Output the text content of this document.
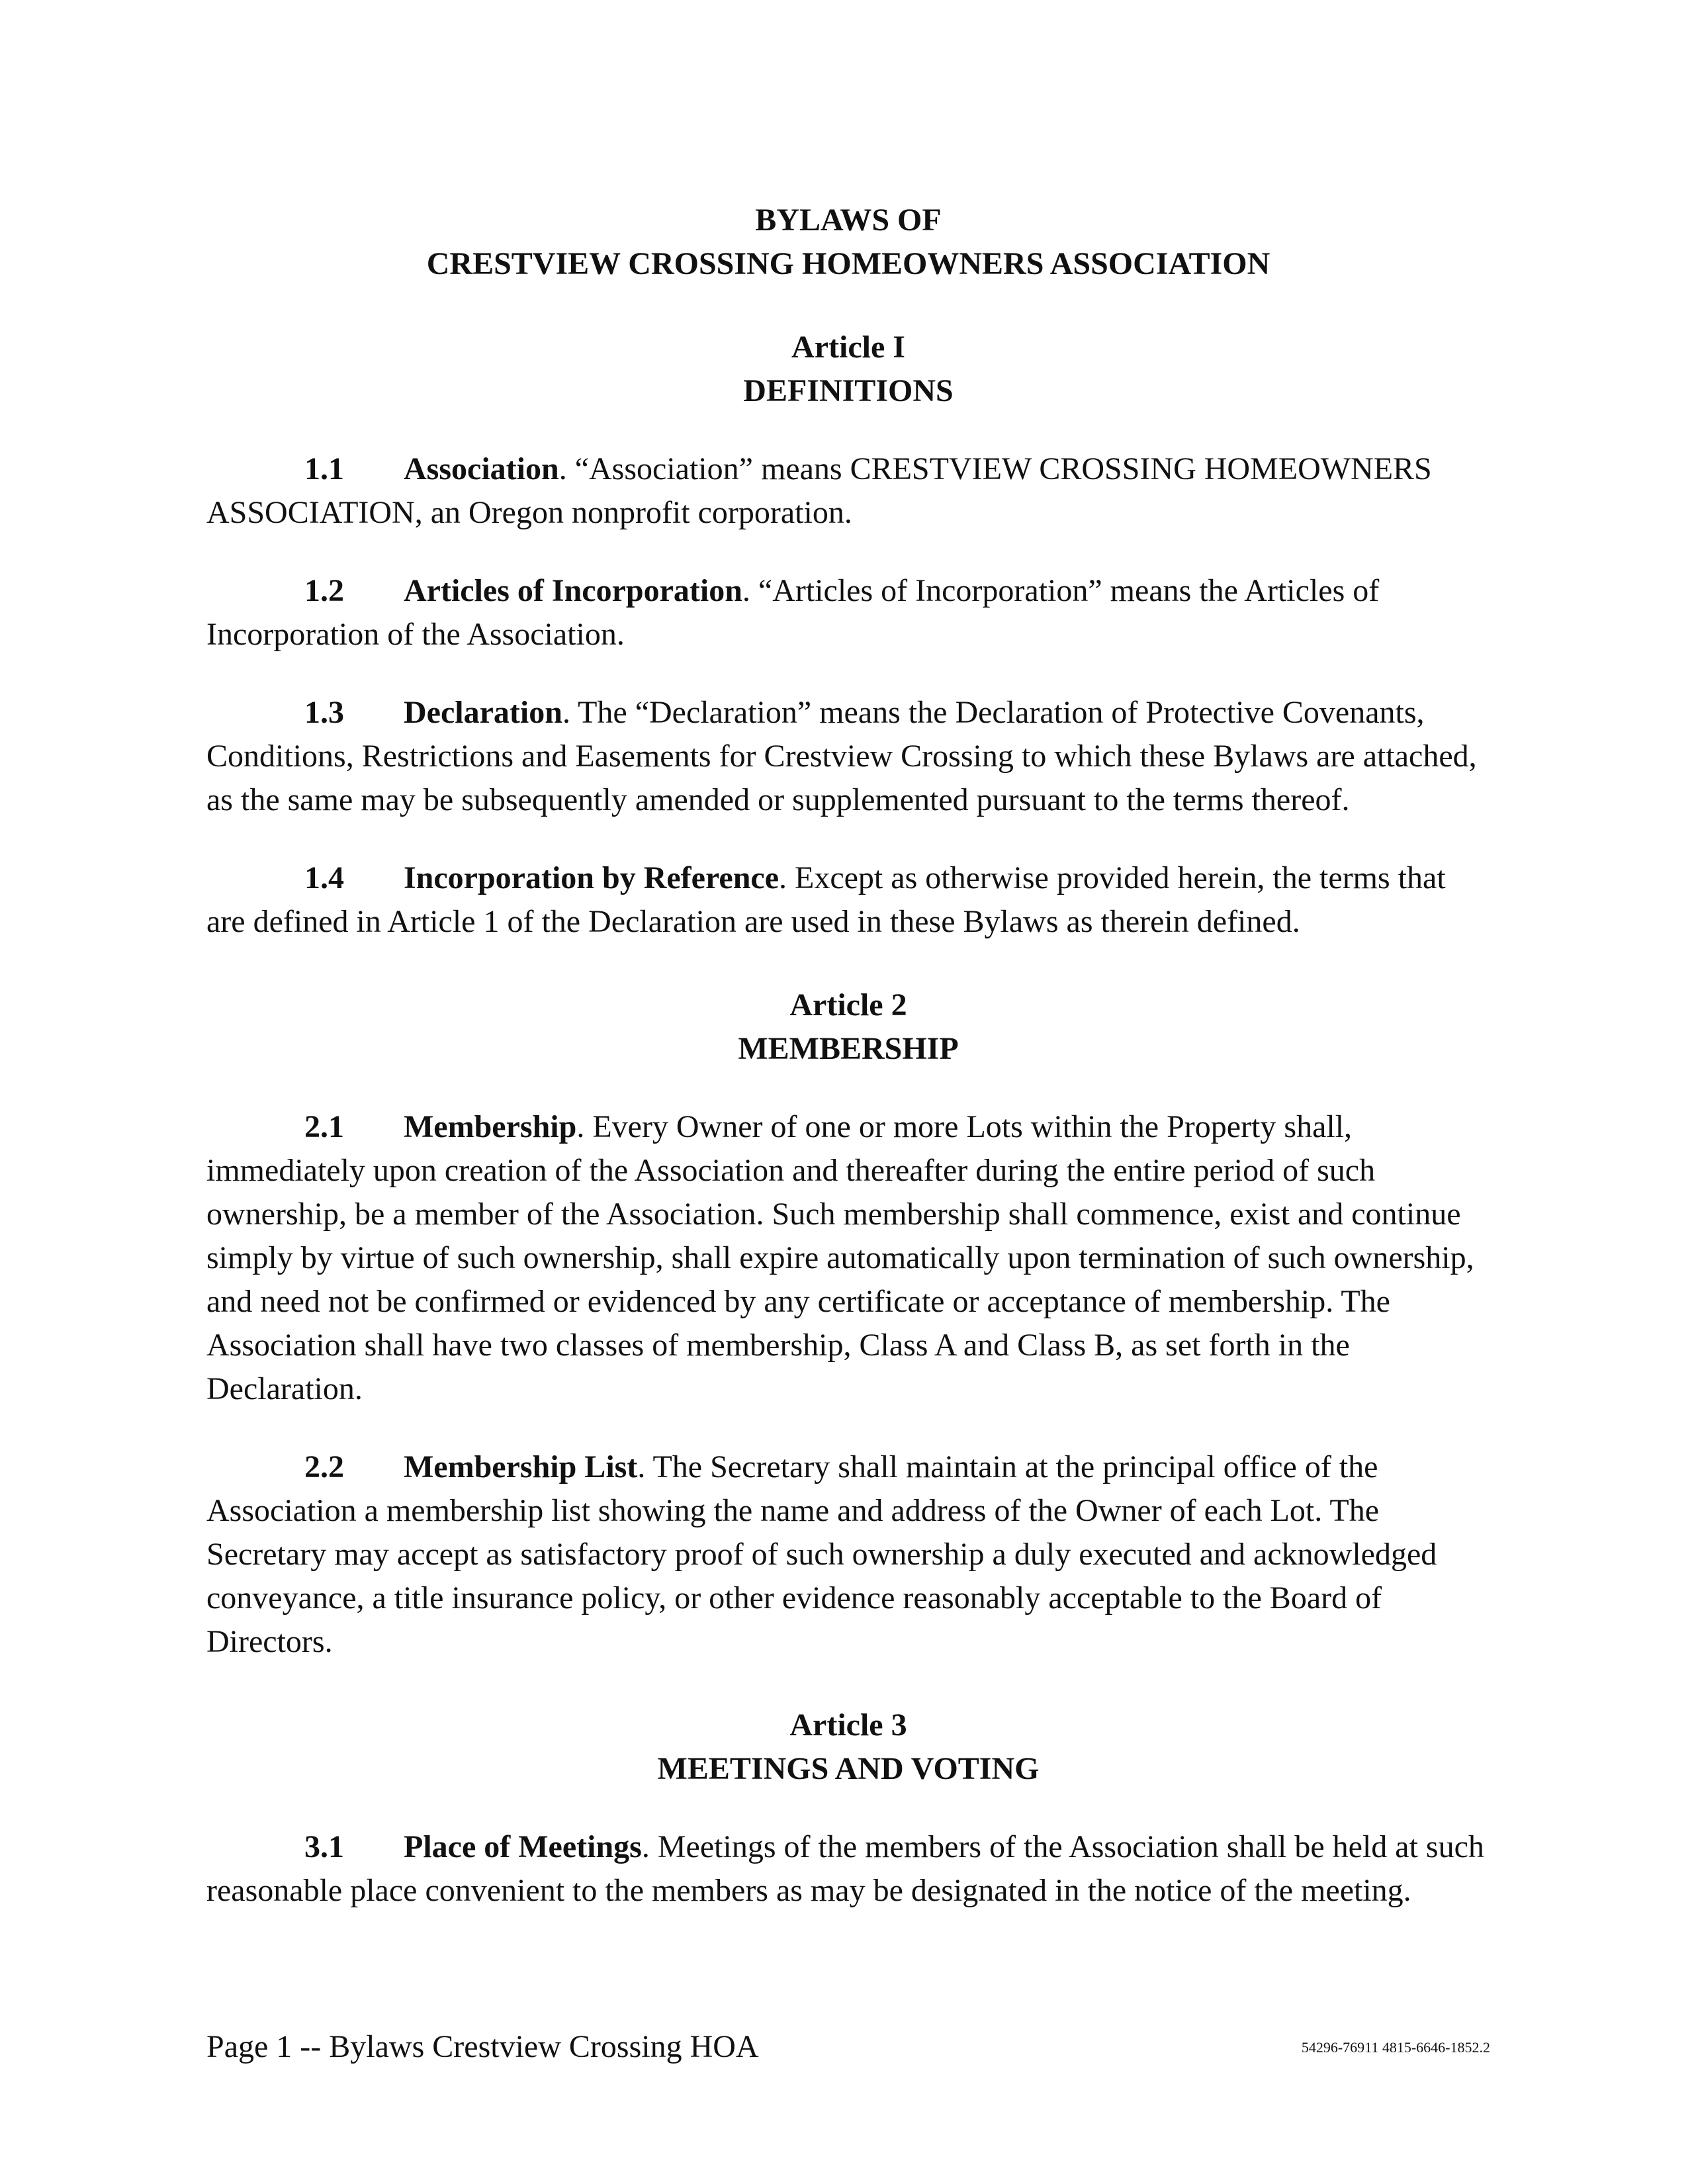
BYLAWS OF
CRESTVIEW CROSSING HOMEOWNERS ASSOCIATION
Article I
DEFINITIONS
1.1 Association. “Association” means CRESTVIEW CROSSING HOMEOWNERS ASSOCIATION, an Oregon nonprofit corporation.
1.2 Articles of Incorporation. “Articles of Incorporation” means the Articles of Incorporation of the Association.
1.3 Declaration. The “Declaration” means the Declaration of Protective Covenants, Conditions, Restrictions and Easements for Crestview Crossing to which these Bylaws are attached, as the same may be subsequently amended or supplemented pursuant to the terms thereof.
1.4 Incorporation by Reference. Except as otherwise provided herein, the terms that are defined in Article 1 of the Declaration are used in these Bylaws as therein defined.
Article 2
MEMBERSHIP
2.1 Membership. Every Owner of one or more Lots within the Property shall, immediately upon creation of the Association and thereafter during the entire period of such ownership, be a member of the Association. Such membership shall commence, exist and continue simply by virtue of such ownership, shall expire automatically upon termination of such ownership, and need not be confirmed or evidenced by any certificate or acceptance of membership. The Association shall have two classes of membership, Class A and Class B, as set forth in the Declaration.
2.2 Membership List. The Secretary shall maintain at the principal office of the Association a membership list showing the name and address of the Owner of each Lot. The Secretary may accept as satisfactory proof of such ownership a duly executed and acknowledged conveyance, a title insurance policy, or other evidence reasonably acceptable to the Board of Directors.
Article 3
MEETINGS AND VOTING
3.1 Place of Meetings. Meetings of the members of the Association shall be held at such reasonable place convenient to the members as may be designated in the notice of the meeting.
Page 1 -- Bylaws Crestview Crossing HOA	54296-76911 4815-6646-1852.2
